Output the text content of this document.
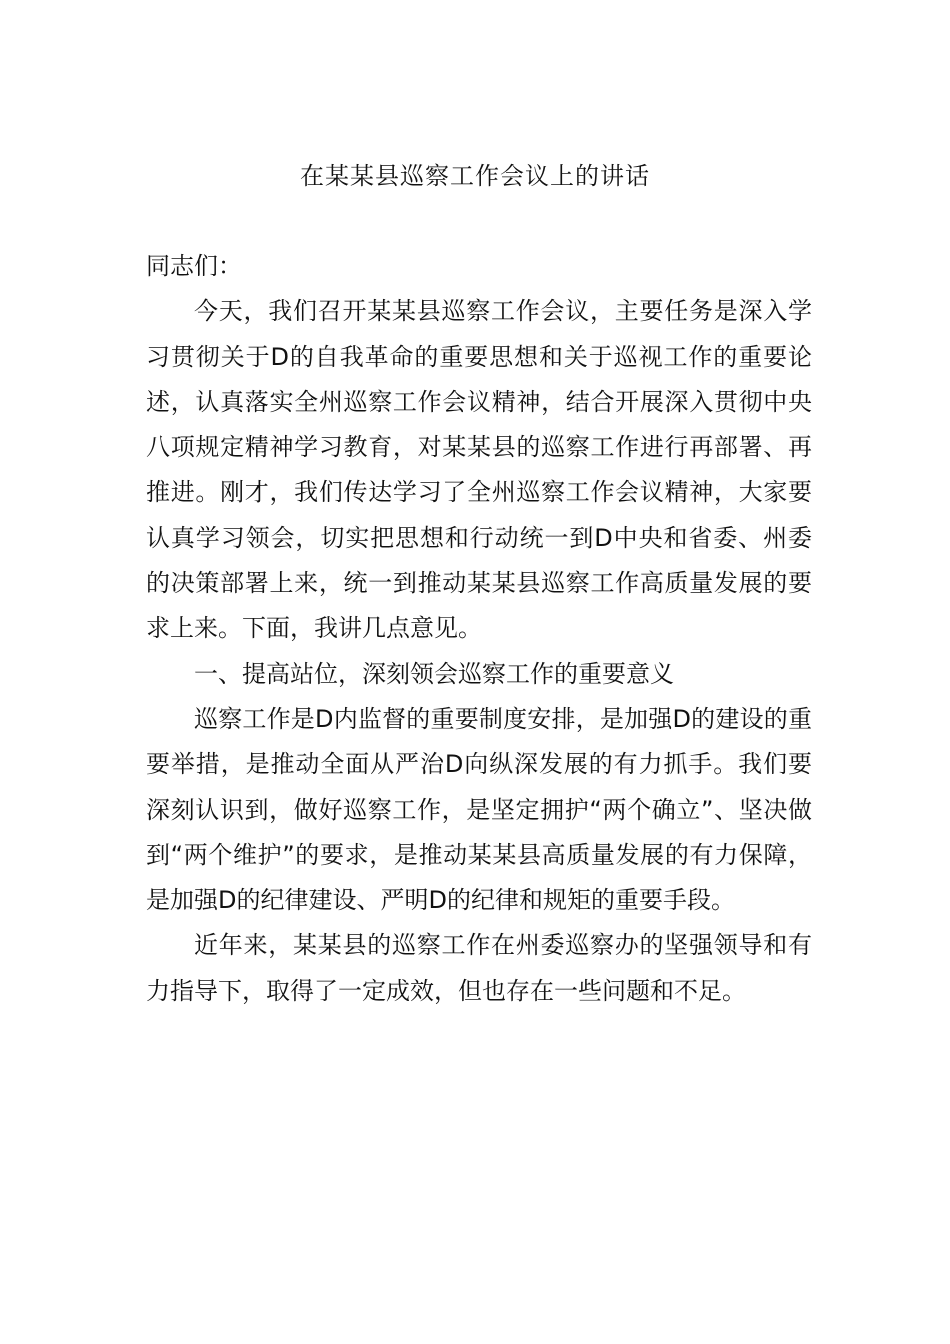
在某某县巡察工作会议上的讲话

同志们：

今天，我们召开某某县巡察工作会议，主要任务是深入学习贯彻关于D的自我革命的重要思想和关于巡视工作的重要论述，认真落实全州巡察工作会议精神，结合开展深入贯彻中央八项规定精神学习教育，对某某县的巡察工作进行再部署、再推进。刚才，我们传达学习了全州巡察工作会议精神，大家要认真学习领会，切实把思想和行动统一到D中央和省委、州委的决策部署上来，统一到推动某某县巡察工作高质量发展的要求上来。下面，我讲几点意见。

一、提高站位，深刻领会巡察工作的重要意义

巡察工作是D内监督的重要制度安排，是加强D的建设的重要举措，是推动全面从严治D向纵深发展的有力抓手。我们要深刻认识到，做好巡察工作，是坚定拥护“两个确立”、坚决做到“两个维护”的要求，是推动某某县高质量发展的有力保障，是加强D的纪律建设、严明D的纪律和规矩的重要手段。

近年来，某某县的巡察工作在州委巡察办的坚强领导和有力指导下，取得了一定成效，但也存在一些问题和不足。
